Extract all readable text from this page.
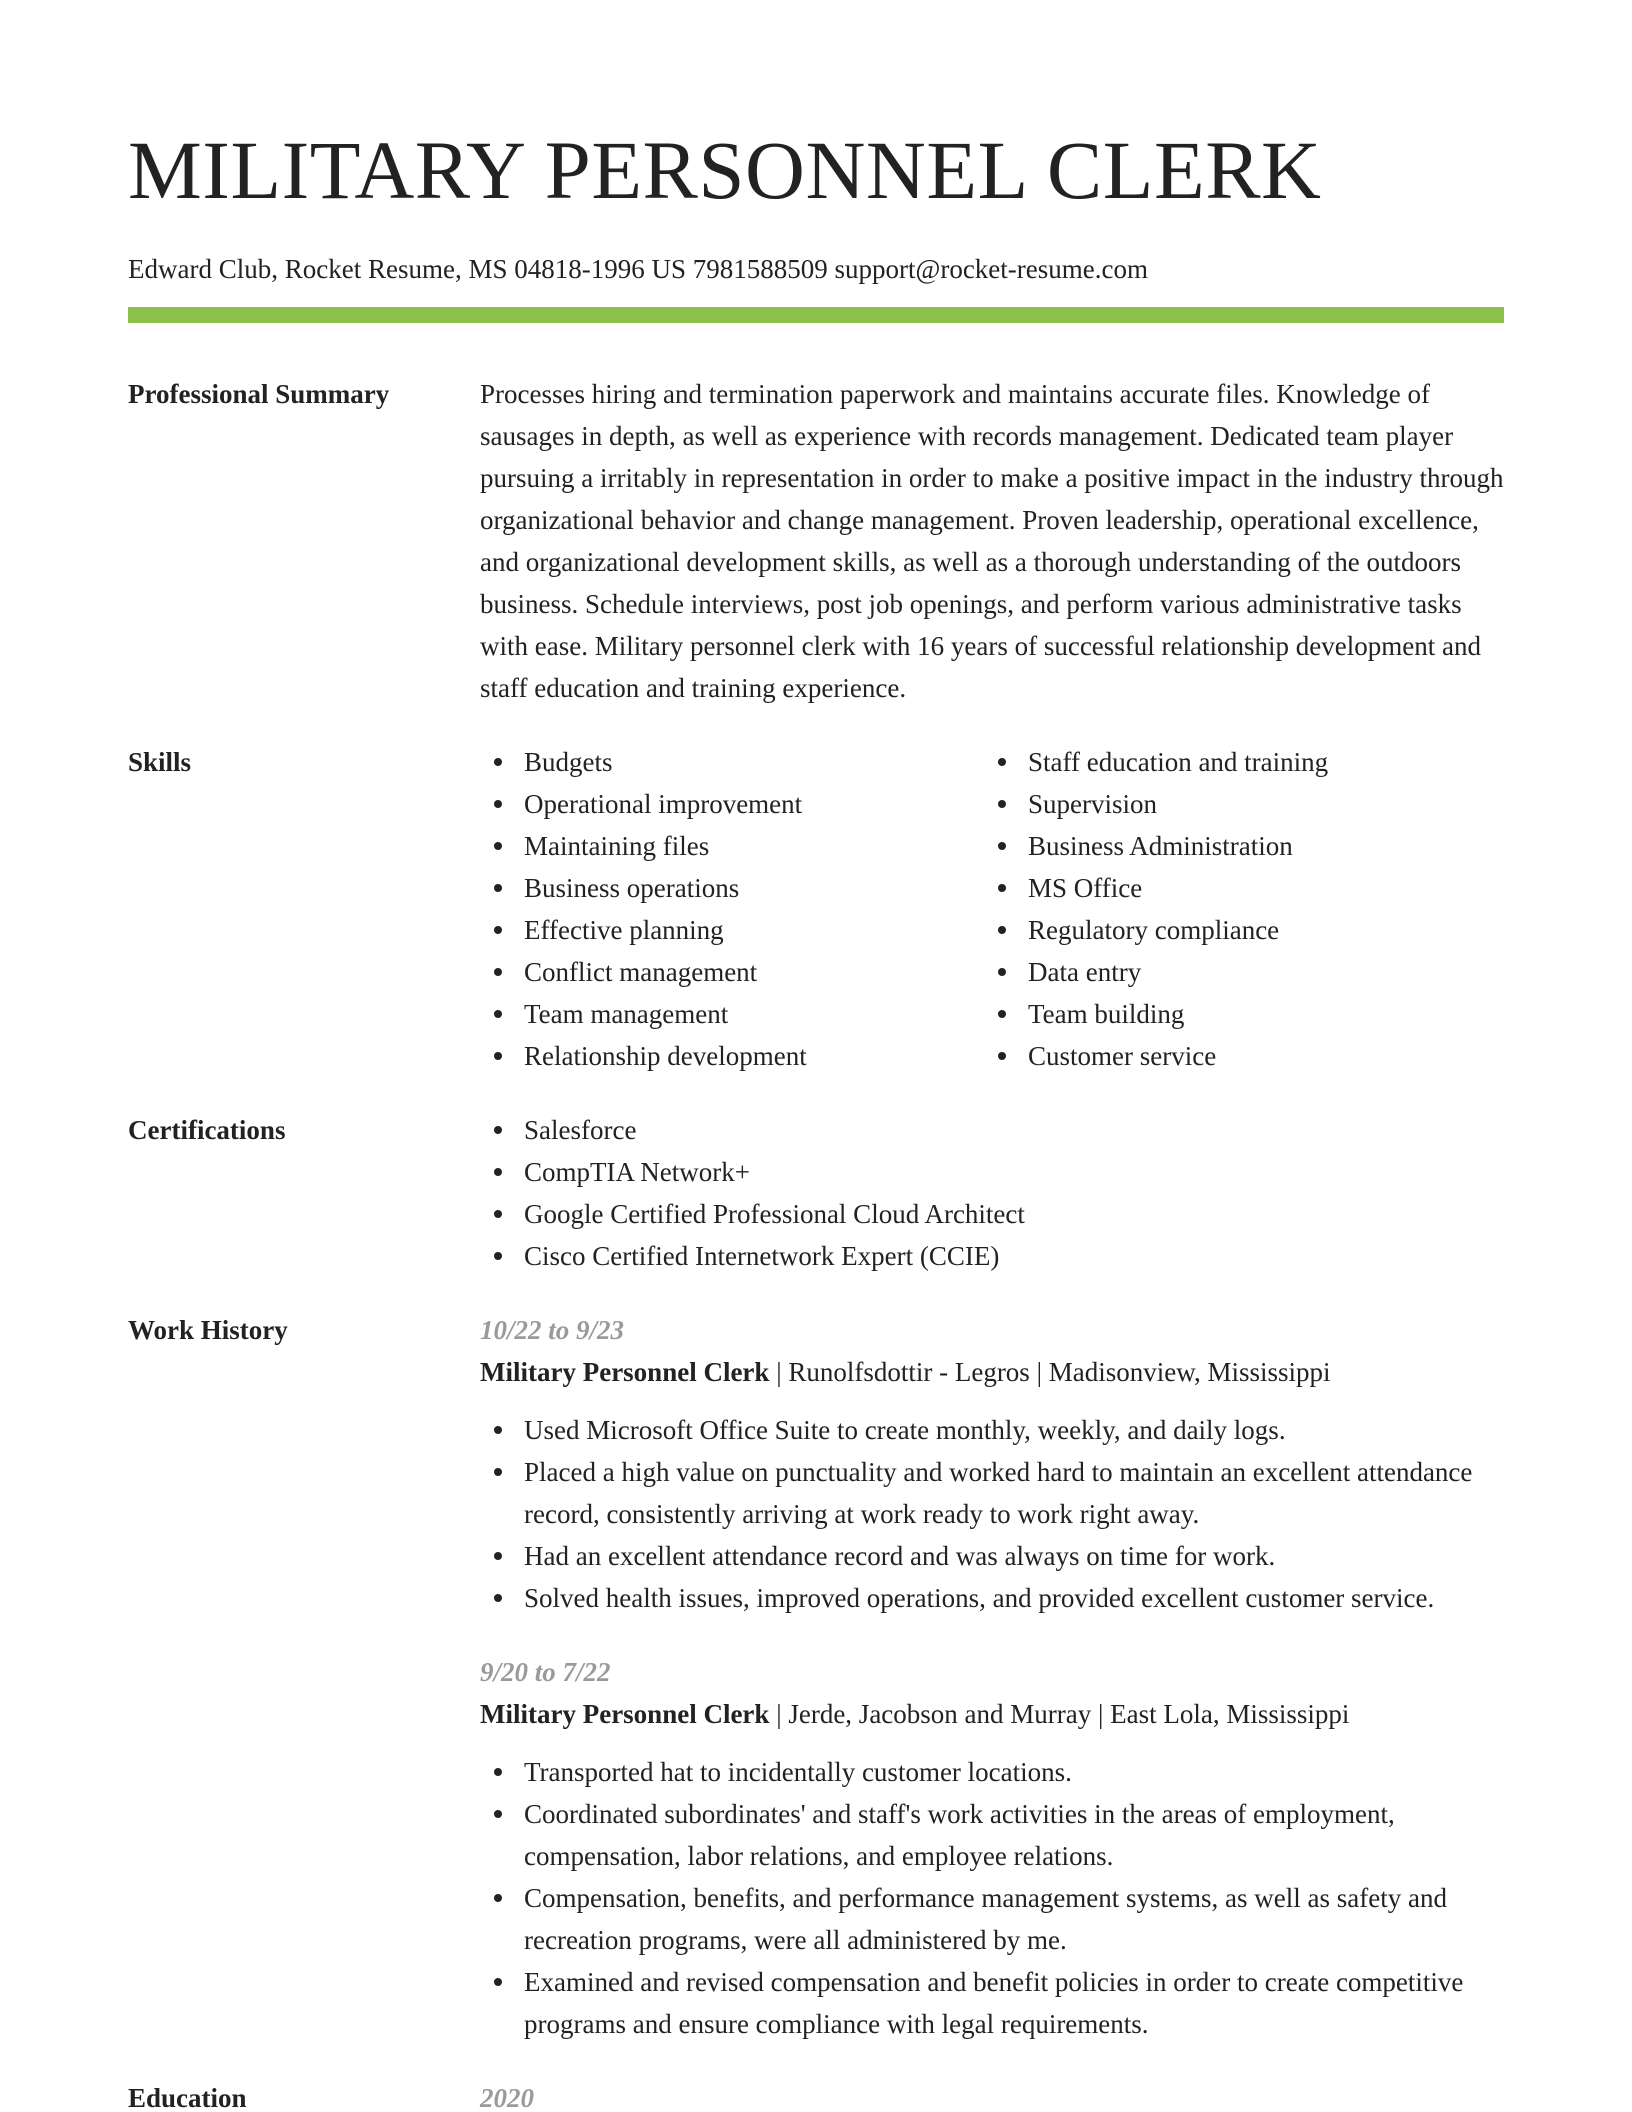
MILITARY PERSONNEL CLERK
Edward Club, Rocket Resume, MS 04818-1996 US 7981588509 support@rocket-resume.com
Professional Summary	Processes hiring and termination paperwork and maintains accurate files. Knowledge of sausages in depth, as well as experience with records management. Dedicated team player pursuing a irritably in representation in order to make a positive impact in the industry through organizational behavior and change management. Proven leadership, operational excellence, and organizational development skills, as well as a thorough understanding of the outdoors business. Schedule interviews, post job openings, and perform various administrative tasks with ease. Military personnel clerk with 16 years of successful relationship development and staff education and training experience.
Skills	Budgets
Operational improvement
Maintaining files
Business operations
Effective planning
Conflict management
Team management
Relationship development
Staff education and training
Supervision
Business Administration
MS Office
Regulatory compliance
Data entry
Team building
Customer service
Certifications	Salesforce
CompTIA Network+
Google Certified Professional Cloud Architect
Cisco Certified Internetwork Expert (CCIE)
Work History	10/22 to 9/23
Military Personnel Clerk | Runolfsdottir - Legros | Madisonview, Mississippi
Used Microsoft Office Suite to create monthly, weekly, and daily logs.
Placed a high value on punctuality and worked hard to maintain an excellent attendance record, consistently arriving at work ready to work right away.
Had an excellent attendance record and was always on time for work.
Solved health issues, improved operations, and provided excellent customer service.
9/20 to 7/22
Military Personnel Clerk | Jerde, Jacobson and Murray | East Lola, Mississippi
Transported hat to incidentally customer locations.
Coordinated subordinates' and staff's work activities in the areas of employment, compensation, labor relations, and employee relations.
Compensation, benefits, and performance management systems, as well as safety and recreation programs, were all administered by me.
Examined and revised compensation and benefit policies in order to create competitive programs and ensure compliance with legal requirements.
Education	2020
